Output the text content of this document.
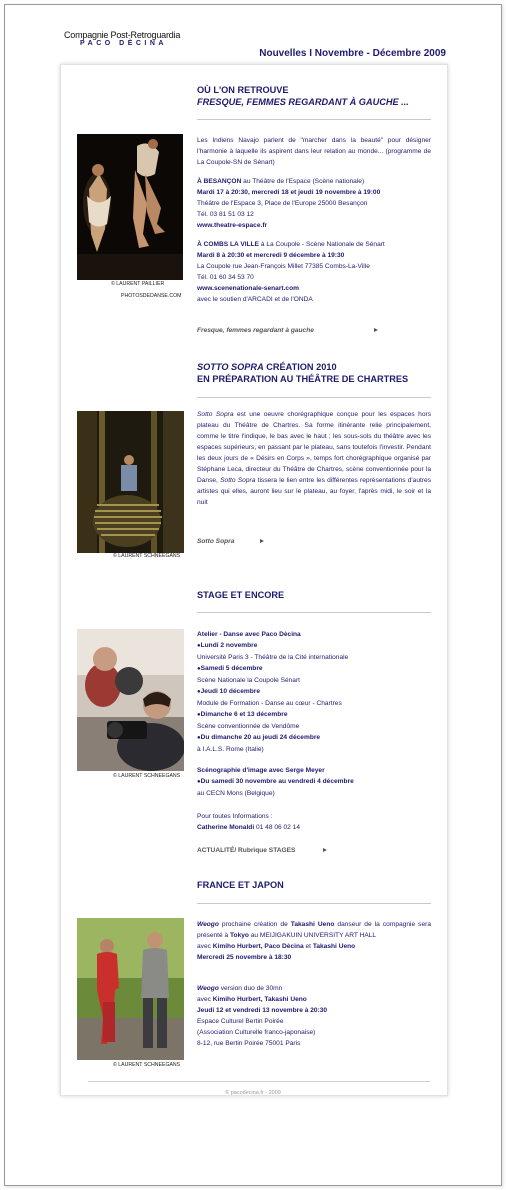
Compagnie Post-Retroguardia
PACO DÈCINA
Nouvelles I Novembre - Décembre 2009
OÙ L'ON RETROUVE
FRESQUE, FEMMES REGARDANT À GAUCHE ...
© LAURENT PAILLIER
PHOTOSDEDANSE.COM

Les Indiens Navajo parlent de "marcher dans la beauté" pour désigner l'harmonie à laquelle ils aspirent dans leur relation au monde... (programme de La Coupole-SN de Sénart)

À BESANÇON au Théâtre de l'Espace (Scène nationale)

Mardi 17 à 20:30, mercredi 18 et jeudi 19 novembre à 19:00

Théâtre de l'Espace 3, Place de l'Europe 25000 Besançon

Tél. 03 81 51 03 12

www.theatre-espace.fr

À COMBS LA VILLE à La Coupole - Scène Nationale de Sénart

Mardi 8 à 20:30 et mercredi 9 décembre à 19:30

La Coupole rue Jean-François Millet 77385 Combs-La-Ville

Tél. 01 60 34 53 70

www.scenenationale-senart.com

avec le soutien d'ARCADI et de l'ONDA

Fresque, femmes regardant à gauche
SOTTO SOPRA CRÉATION 2010
EN PRÉPARATION AU THÉÂTRE DE CHARTRES
© LAURENT SCHNEEGANS

Sotto Sopra est une oeuvre chorégraphique conçue pour les espaces hors plateau du Théâtre de Chartres. Sa forme itinérante relie principalement, comme le titre l'indique, le bas avec le haut ; les sous-sols du théâtre avec les espaces supérieurs, en passant par le plateau, sans toutefois l'investir. Pendant les deux jours de « Désirs en Corps », temps fort chorégraphique organisé par Stéphane Leca, directeur du Théâtre de Chartres, scène conventionnée pour la Danse, Sotto Sopra tissera le lien entre les différentes représentations d'autres artistes qui elles, auront lieu sur le plateau, au foyer, l'après midi, le soir et la nuit

Sotto Sopra
STAGE ET ENCORE
© LAURENT SCHNEEGANS

Atelier - Danse avec Paco Dècina

● Lundi 2 novembre

Université Paris 3 - Théâtre de la Cité internationale

● Samedi 5 décembre

Scène Nationale la Coupole Sénart

● Jeudi 10 décembre

Module de Formation - Danse au cœur - Chartres

● Dimanche 6 et 13 décembre

Scène conventionnée de Vendôme

● Du dimanche 20 au jeudi 24 décembre

à I.A.L.S. Rome (Italie)

Scénographie d'image avec Serge Meyer

● Du samedi 30 novembre au vendredi 4 décembre

au CECN Mons (Belgique)

Pour toutes Informations :

Catherine Monaldi 01 48 06 02 14

ACTUALITÉ/ Rubrique STAGES
FRANCE ET JAPON
© LAURENT SCHNEEGANS

Weogo prochaine création de Takashi Ueno danseur de la compagnie sera présenté à Tokyo au MEIJIGAKUIN UNIVERSITY ART HALL

avec Kimiho Hurbert, Paco Dècina et Takashi Ueno

Mercredi 25 novembre à 18:30

Weogo version duo de 30mn

avec Kimiho Hurbert, Takashi Ueno

Jeudi 12 et vendredi 13 novembre à 20:30

Espace Culturel Bertin Poirée

(Association Culturelle franco-japonaise)

8-12, rue Bertin Poirée 75001 Paris

© pacodecina.fr - 2009
